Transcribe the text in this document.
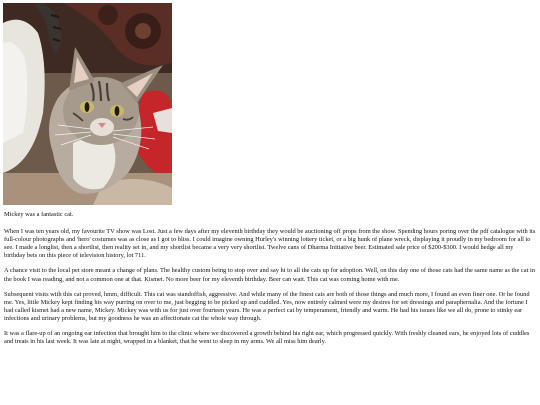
Mickey was a fantastic cat.

When I was ten years old, my favourite TV show was Lost. Just a few days after my eleventh birthday they would be auctioning off props from the show. Spending hours poring over the pdf catalogue with its full-colour photographs and 'hero' costumes was as close as I got to bliss. I could imagine owning Hurley's winning lottery ticket, or a big hunk of plane wreck, displaying it proudly in my bedroom for all to see. I made a longlist, then a shortlist, then reality set in, and my shortlist became a very very shortlist. Twelve cans of Dharma Initiative beer. Estimated sale price of $200-$300. I would hedge all my birthday bets on this piece of television history, lot 711.

A chance visit to the local pet store meant a change of plans. The healthy custom being to stop over and say hi to all the cats up for adoption. Well, on this day one of those cats had the same name as the cat in the book I was reading, and not a common one at that. Kismet. No more beer for my eleventh birthday. Beer can wait. This cat was coming home with me.

Subsequent visits with this cat proved, hmm, difficult. This cat was standoffish, aggressive. And while many of the finest cats are both of those things and much more, I found an even finer one. Or he found me. Yes, little Mickey kept finding his way purring on over to me, just begging to be picked up and cuddled. Yes, now entirely calmed were my desires for set dressings and paraphernalia. And the fortune I had called kismet had a new name, Mickey. Mickey was with us for just over fourteen years. He was a perfect cat by temperament, friendly and warm. He had his issues like we all do, prone to stinky ear infections and urinary problems, but my goodness he was an affectionate cat the whole way through.

It was a flare-up of an ongoing ear infection that brought him to the clinic where we discovered a growth behind his right ear, which progressed quickly. With freshly cleaned ears, he enjoyed lots of cuddles and treats in his last week. It was late at night, wrapped in a blanket, that he went to sleep in my arms. We all miss him dearly.
